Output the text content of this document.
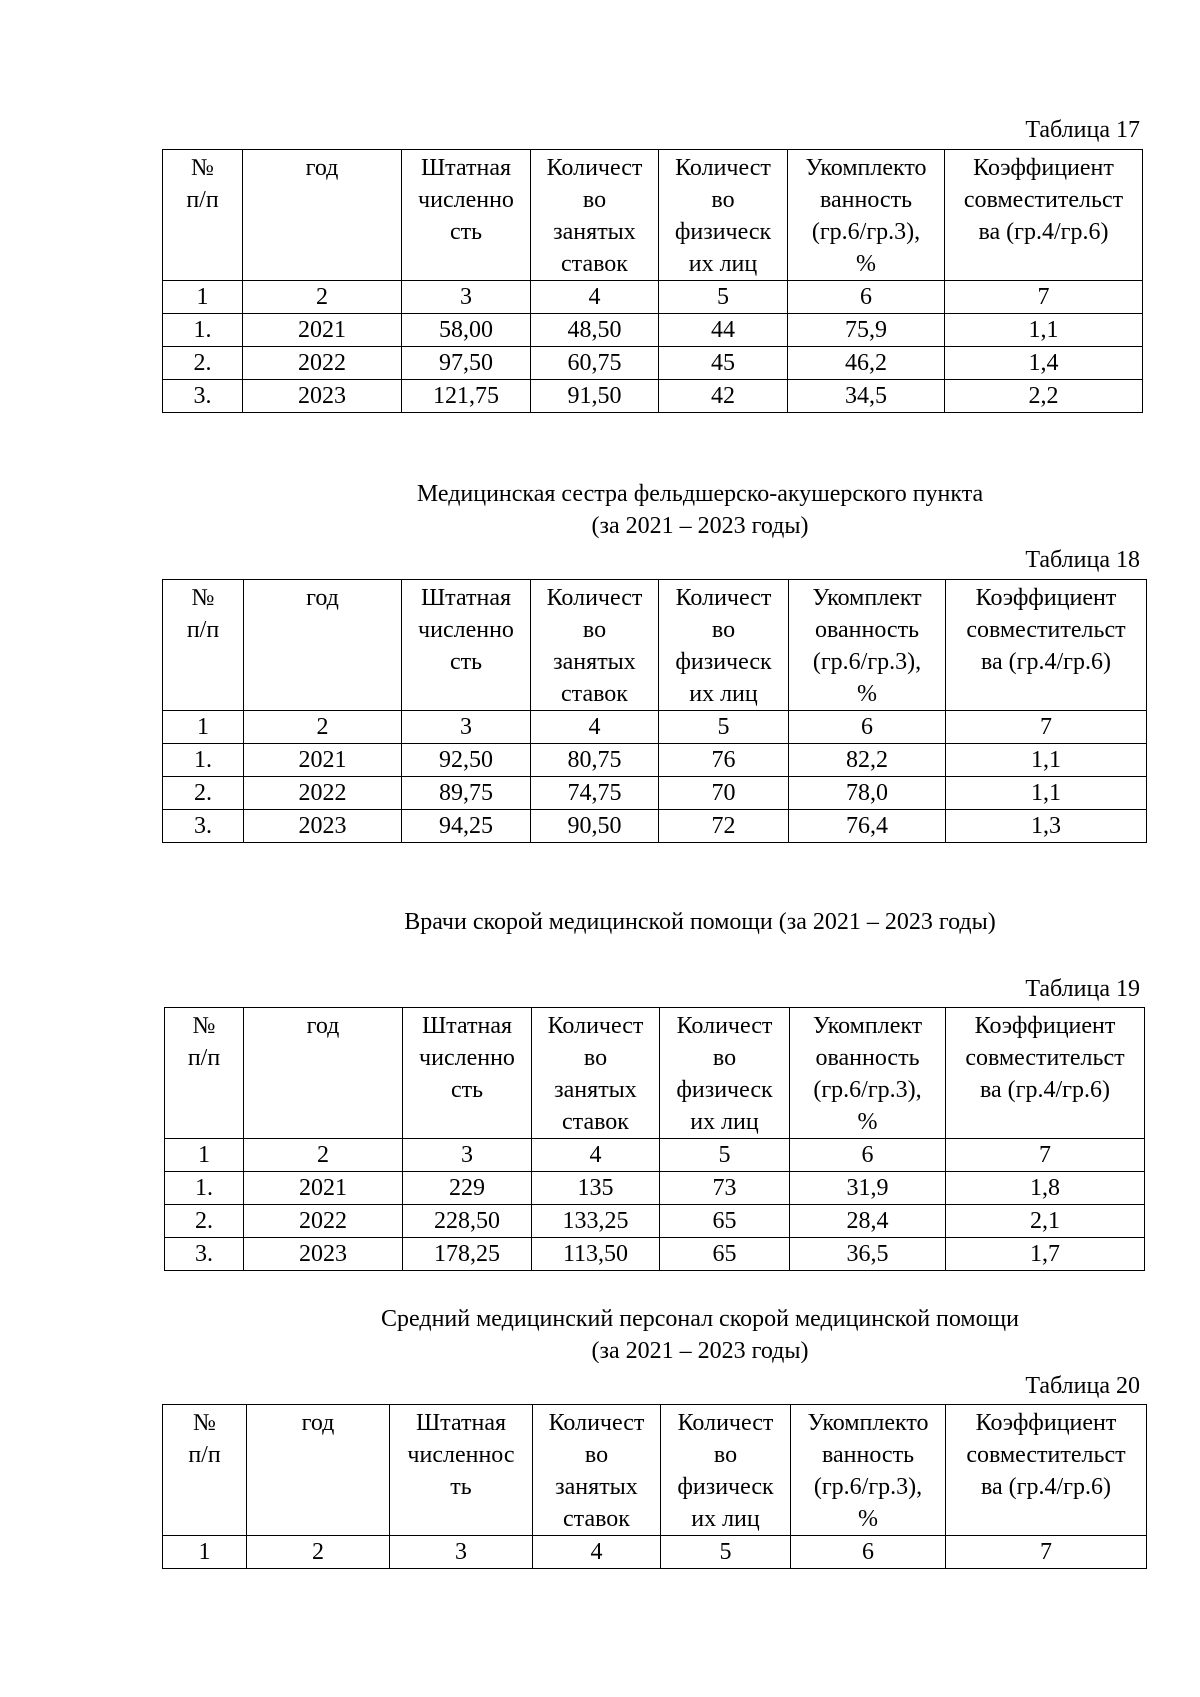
Таблица 17
№
п/п	год	Штатная
численно
сть	Количест
во
занятых
ставок	Количест
во
физическ
их лиц	Укомплекто
ванность
(гр.6/гр.3),
%	Коэффициент
совместительст
ва (гр.4/гр.6)

1	2	3	4	5	6	7
1.	2021	58,00	48,50	44	75,9	1,1
2.	2022	97,50	60,75	45	46,2	1,4
3.	2023	121,75	91,50	42	34,5	2,2
Медицинская сестра фельдшерско-акушерского пункта
(за 2021 – 2023 годы)
Таблица 18
№
п/п	год	Штатная
численно
сть	Количест
во
занятых
ставок	Количест
во
физическ
их лиц	Укомплект
ованность
(гр.6/гр.3),
%	Коэффициент
совместительст
ва (гр.4/гр.6)

1	2	3	4	5	6	7
1.	2021	92,50	80,75	76	82,2	1,1
2.	2022	89,75	74,75	70	78,0	1,1
3.	2023	94,25	90,50	72	76,4	1,3
Врачи скорой медицинской помощи (за 2021 – 2023 годы)
Таблица 19
№
п/п	год	Штатная
численно
сть	Количест
во
занятых
ставок	Количест
во
физическ
их лиц	Укомплект
ованность
(гр.6/гр.3),
%	Коэффициент
совместительст
ва (гр.4/гр.6)

1	2	3	4	5	6	7
1.	2021	229	135	73	31,9	1,8
2.	2022	228,50	133,25	65	28,4	2,1
3.	2023	178,25	113,50	65	36,5	1,7
Средний медицинский персонал скорой медицинской помощи
(за 2021 – 2023 годы)
Таблица 20
№
п/п	год	Штатная
численнос
ть	Количест
во
занятых
ставок	Количест
во
физическ
их лиц	Укомплекто
ванность
(гр.6/гр.3),
%	Коэффициент
совместительст
ва (гр.4/гр.6)

1	2	3	4	5	6	7
